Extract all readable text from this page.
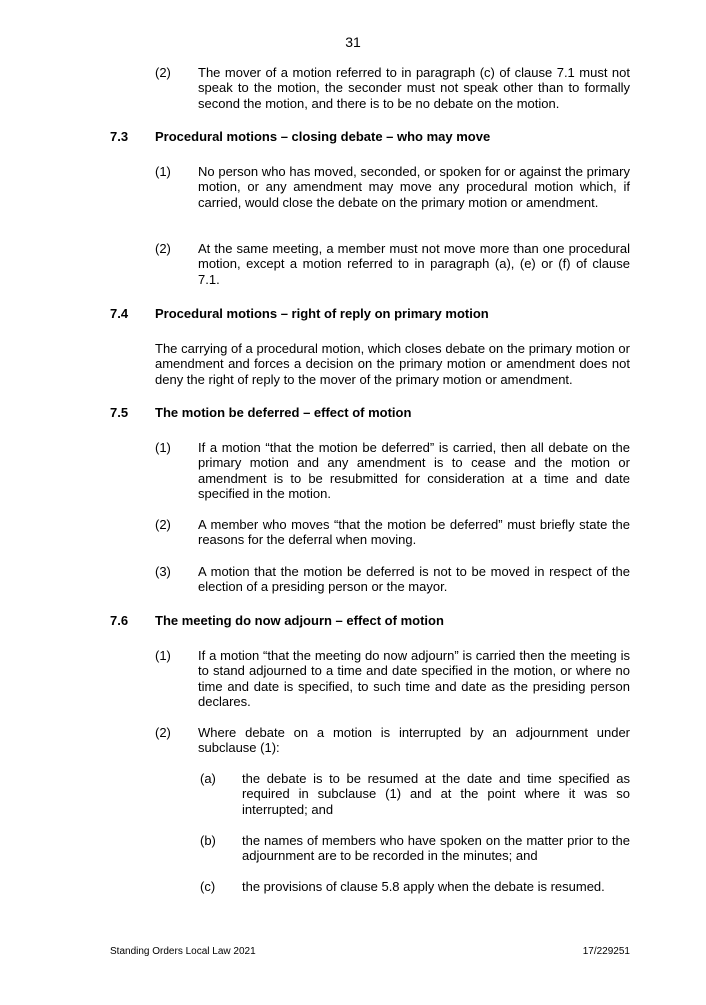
31
(2) The mover of a motion referred to in paragraph (c) of clause 7.1 must not speak to the motion, the seconder must not speak other than to formally second the motion, and there is to be no debate on the motion.
7.3 Procedural motions – closing debate – who may move
(1) No person who has moved, seconded, or spoken for or against the primary motion, or any amendment may move any procedural motion which, if carried, would close the debate on the primary motion or amendment.
(2) At the same meeting, a member must not move more than one procedural motion, except a motion referred to in paragraph (a), (e) or (f) of clause 7.1.
7.4 Procedural motions – right of reply on primary motion
The carrying of a procedural motion, which closes debate on the primary motion or amendment and forces a decision on the primary motion or amendment does not deny the right of reply to the mover of the primary motion or amendment.
7.5 The motion be deferred – effect of motion
(1) If a motion “that the motion be deferred” is carried, then all debate on the primary motion and any amendment is to cease and the motion or amendment is to be resubmitted for consideration at a time and date specified in the motion.
(2) A member who moves “that the motion be deferred” must briefly state the reasons for the deferral when moving.
(3) A motion that the motion be deferred is not to be moved in respect of the election of a presiding person or the mayor.
7.6 The meeting do now adjourn – effect of motion
(1) If a motion “that the meeting do now adjourn” is carried then the meeting is to stand adjourned to a time and date specified in the motion, or where no time and date is specified, to such time and date as the presiding person declares.
(2) Where debate on a motion is interrupted by an adjournment under subclause (1):
(a) the debate is to be resumed at the date and time specified as required in subclause (1) and at the point where it was so interrupted; and
(b) the names of members who have spoken on the matter prior to the adjournment are to be recorded in the minutes; and
(c) the provisions of clause 5.8 apply when the debate is resumed.
Standing Orders Local Law 2021	17/229251
